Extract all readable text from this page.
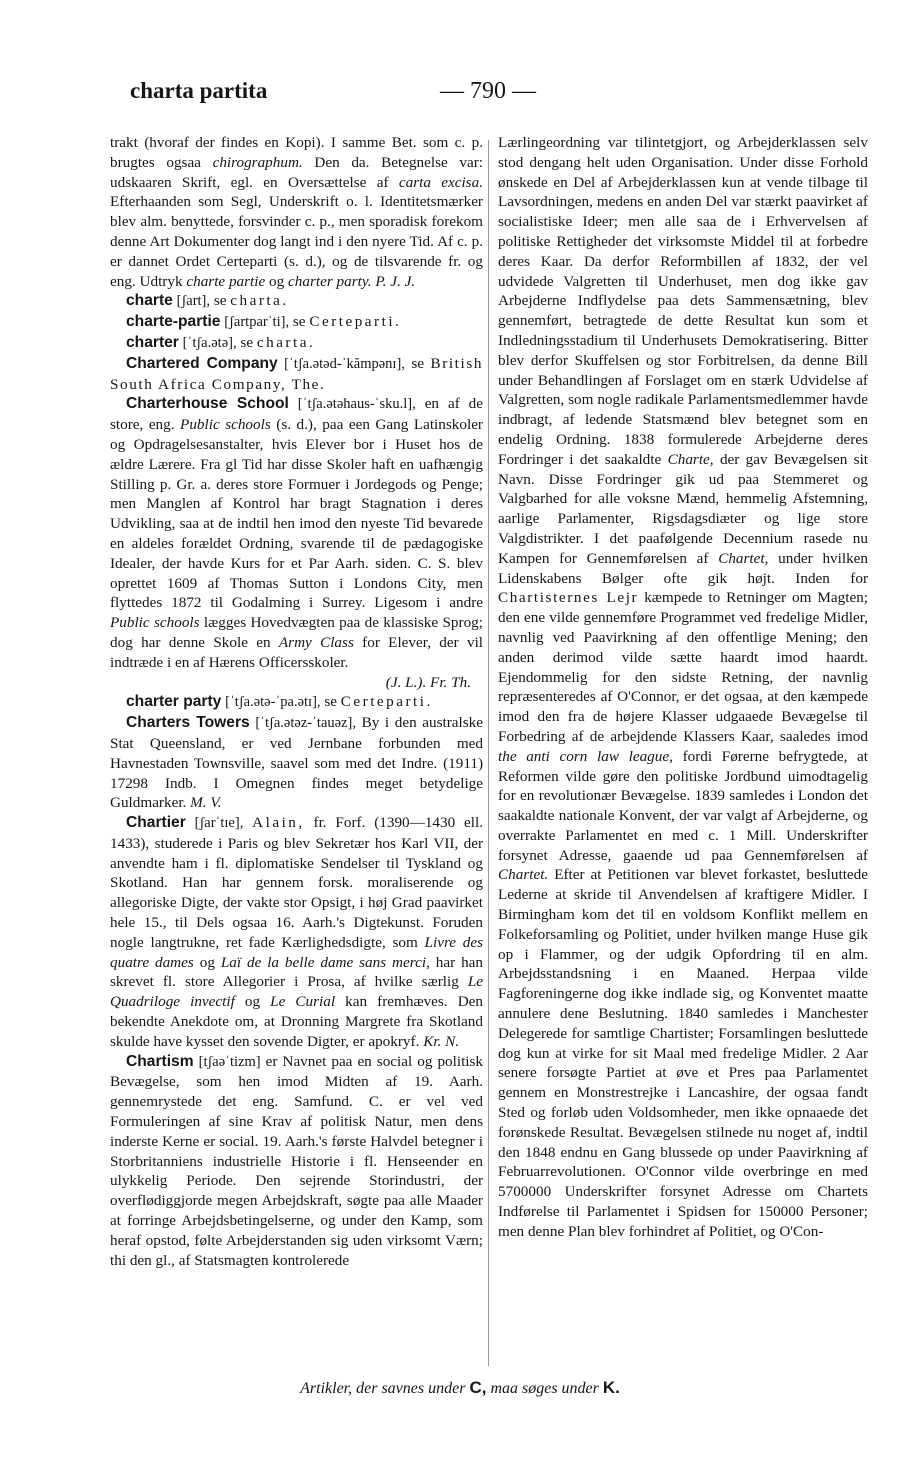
charta partita	— 790 —

trakt (hvoraf der findes en Kopi). I samme Bet. som c. p. brugtes ogsaa chirographum. Den da. Betegnelse var: udskaaren Skrift, egl. en Oversættelse af carta excisa. Efterhaanden som Segl, Underskrift o. l. Identitetsmærker blev alm. benyttede, forsvinder c. p., men sporadisk forekom denne Art Dokumenter dog langt ind i den nyere Tid. Af c. p. er dannet Ordet Certeparti (s. d.), og de tilsvarende fr. og eng. Udtryk charte partie og charter party. P. J. J.

charte [ʃart], se charta.

charte-partie [ʃartparˈti], se Certeparti.

charter [ˈtʃa.ətə], se charta.

Chartered Company [ˈtʃa.ətəd-ˈkămpənɪ], se British South Africa Company, The.

Charterhouse School [ˈtʃa.ətəhaus-ˈsku.l], en af de store, eng. Public schools (s. d.), paa een Gang Latinskoler og Opdragelsesanstalter, hvis Elever bor i Huset hos de ældre Lærere. Fra gl Tid har disse Skoler haft en uafhængig Stilling p. Gr. a. deres store Formuer i Jordegods og Penge; men Manglen af Kontrol har bragt Stagnation i deres Udvikling, saa at de indtil hen imod den nyeste Tid bevarede en aldeles forældet Ordning, svarende til de pædagogiske Idealer, der havde Kurs for et Par Aarh. siden. C. S. blev oprettet 1609 af Thomas Sutton i Londons City, men flyttedes 1872 til Godalming i Surrey. Ligesom i andre Public schools lægges Hovedvægten paa de klassiske Sprog; dog har denne Skole en Army Class for Elever, der vil indtræde i en af Hærens Officersskoler.

(J. L.). Fr. Th.

charter party [ˈtʃa.ətə-ˈpa.ətɪ], se Certeparti.

Charters Towers [ˈtʃa.ətəz-ˈtauəz], By i den australske Stat Queensland, er ved Jernbane forbunden med Havnestaden Townsville, saavel som med det Indre. (1911) 17298 Indb. I Omegnen findes meget betydelige Guldmarker. M. V.

Chartier [ʃarˈtɪe], Alain, fr. Forf. (1390—1430 ell. 1433), studerede i Paris og blev Sekretær hos Karl VII, der anvendte ham i fl. diplomatiske Sendelser til Tyskland og Skotland. Han har gennem forsk. moraliserende og allegoriske Digte, der vakte stor Opsigt, i høj Grad paavirket hele 15., til Dels ogsaa 16. Aarh.'s Digtekunst. Foruden nogle langtrukne, ret fade Kærlighedsdigte, som Livre des quatre dames og Laï de la belle dame sans merci, har han skrevet fl. store Allegorier i Prosa, af hvilke særlig Le Quadriloge invectif og Le Curial kan fremhæves. Den bekendte Anekdote om, at Dronning Margrete fra Skotland skulde have kysset den sovende Digter, er apokryf. Kr. N.

Chartism [tʃaəˈtizm] er Navnet paa en social og politisk Bevægelse, som hen imod Midten af 19. Aarh. gennemrystede det eng. Samfund. C. er vel ved Formuleringen af sine Krav af politisk Natur, men dens inderste Kerne er social. 19. Aarh.'s første Halvdel betegner i Storbritanniens industrielle Historie i fl. Henseender en ulykkelig Periode. Den sejrende Storindustri, der overflødiggjorde megen Arbejdskraft, søgte paa alle Maader at forringe Arbejdsbetingelserne, og under den Kamp, som heraf opstod, følte Arbejderstanden sig uden virksomt Værn; thi den gl., af Statsmagten kontrolerede

Lærlingeordning var tilintetgjort, og Arbejderklassen selv stod dengang helt uden Organisation. Under disse Forhold ønskede en Del af Arbejderklassen kun at vende tilbage til Lavsordningen, medens en anden Del var stærkt paavirket af socialistiske Ideer; men alle saa de i Erhvervelsen af politiske Rettigheder det virksomste Middel til at forbedre deres Kaar. Da derfor Reformbillen af 1832, der vel udvidede Valgretten til Underhuset, men dog ikke gav Arbejderne Indflydelse paa dets Sammensætning, blev gennemført, betragtede de dette Resultat kun som et Indledningsstadium til Underhusets Demokratisering. Bitter blev derfor Skuffelsen og stor Forbitrelsen, da denne Bill under Behandlingen af Forslaget om en stærk Udvidelse af Valgretten, som nogle radikale Parlamentsmedlemmer havde indbragt, af ledende Statsmænd blev betegnet som en endelig Ordning. 1838 formulerede Arbejderne deres Fordringer i det saakaldte Charte, der gav Bevægelsen sit Navn. Disse Fordringer gik ud paa Stemmeret og Valgbarhed for alle voksne Mænd, hemmelig Afstemning, aarlige Parlamenter, Rigsdagsdiæter og lige store Valgdistrikter. I det paafølgende Decennium rasede nu Kampen for Gennemførelsen af Chartet, under hvilken Lidenskabens Bølger ofte gik højt. Inden for Chartisternes Lejr kæmpede to Retninger om Magten; den ene vilde gennemføre Programmet ved fredelige Midler, navnlig ved Paavirkning af den offentlige Mening; den anden derimod vilde sætte haardt imod haardt. Ejendommelig for den sidste Retning, der navnlig repræsenteredes af O'Connor, er det ogsaa, at den kæmpede imod den fra de højere Klasser udgaaede Bevægelse til Forbedring af de arbejdende Klassers Kaar, saaledes imod the anti corn law league, fordi Førerne befrygtede, at Reformen vilde gøre den politiske Jordbund uimodtagelig for en revolutionær Bevægelse. 1839 samledes i London det saakaldte nationale Konvent, der var valgt af Arbejderne, og overrakte Parlamentet en med c. 1 Mill. Underskrifter forsynet Adresse, gaaende ud paa Gennemførelsen af Chartet. Efter at Petitionen var blevet forkastet, besluttede Lederne at skride til Anvendelsen af kraftigere Midler. I Birmingham kom det til en voldsom Konflikt mellem en Folkeforsamling og Politiet, under hvilken mange Huse gik op i Flammer, og der udgik Opfordring til en alm. Arbejdsstandsning i en Maaned. Herpaa vilde Fagforeningerne dog ikke indlade sig, og Konventet maatte annulere dene Beslutning. 1840 samledes i Manchester Delegerede for samtlige Chartister; Forsamlingen besluttede dog kun at virke for sit Maal med fredelige Midler. 2 Aar senere forsøgte Partiet at øve et Pres paa Parlamentet gennem en Monstrestrejke i Lancashire, der ogsaa fandt Sted og forløb uden Voldsomheder, men ikke opnaaede det forønskede Resultat. Bevægelsen stilnede nu noget af, indtil den 1848 endnu en Gang blussede op under Paavirkning af Februarrevolutionen. O'Connor vilde overbringe en med 5700000 Underskrifter forsynet Adresse om Chartets Indførelse til Parlamentet i Spidsen for 150000 Personer; men denne Plan blev forhindret af Politiet, og O'Con-

Artikler, der savnes under C, maa søges under K.
